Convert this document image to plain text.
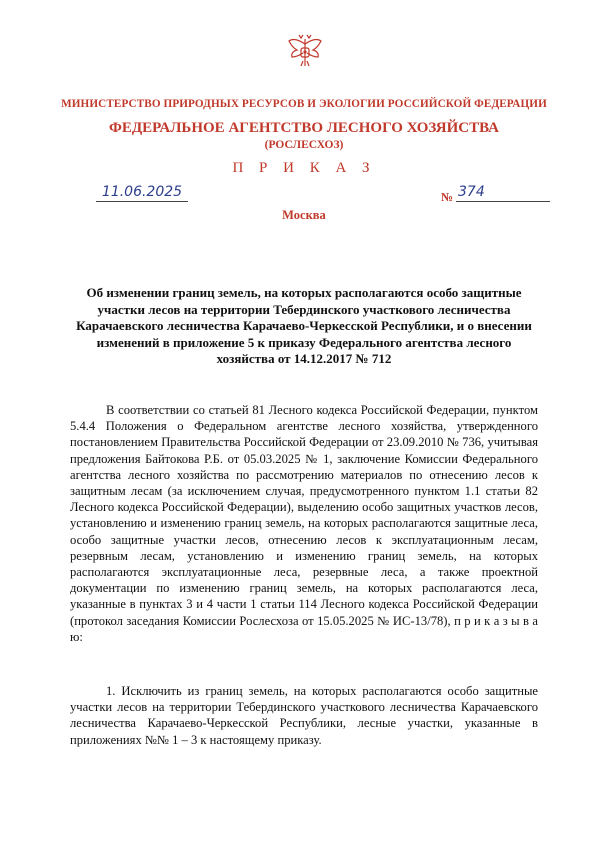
МИНИСТЕРСТВО ПРИРОДНЫХ РЕСУРСОВ И ЭКОЛОГИИ РОССИЙСКОЙ ФЕДЕРАЦИИ
ФЕДЕРАЛЬНОЕ АГЕНТСТВО ЛЕСНОГО ХОЗЯЙСТВА
(РОСЛЕСХОЗ)
П Р И К А З
11.06.2025	№ 374
Москва
Об изменении границ земель, на которых располагаются особо защитные участки лесов на территории Тебердинского участкового лесничества Карачаевского лесничества Карачаево-Черкесской Республики, и о внесении изменений в приложение 5 к приказу Федерального агентства лесного хозяйства от 14.12.2017 № 712
В соответствии со статьей 81 Лесного кодекса Российской Федерации, пунктом 5.4.4 Положения о Федеральном агентстве лесного хозяйства, утвержденного постановлением Правительства Российской Федерации от 23.09.2010 № 736, учитывая предложения Байтокова Р.Б. от 05.03.2025 № 1, заключение Комиссии Федерального агентства лесного хозяйства по рассмотрению материалов по отнесению лесов к защитным лесам (за исключением случая, предусмотренного пунктом 1.1 статьи 82 Лесного кодекса Российской Федерации), выделению особо защитных участков лесов, установлению и изменению границ земель, на которых располагаются защитные леса, особо защитные участки лесов, отнесению лесов к эксплуатационным лесам, резервным лесам, установлению и изменению границ земель, на которых располагаются эксплуатационные леса, резервные леса, а также проектной документации по изменению границ земель, на которых располагаются леса, указанные в пунктах 3 и 4 части 1 статьи 114 Лесного кодекса Российской Федерации (протокол заседания Комиссии Рослесхоза от 15.05.2025 № ИС-13/78), п р и к а з ы в а ю:
1. Исключить из границ земель, на которых располагаются особо защитные участки лесов на территории Тебердинского участкового лесничества Карачаевского лесничества Карачаево-Черкесской Республики, лесные участки, указанные в приложениях №№ 1 – 3 к настоящему приказу.
